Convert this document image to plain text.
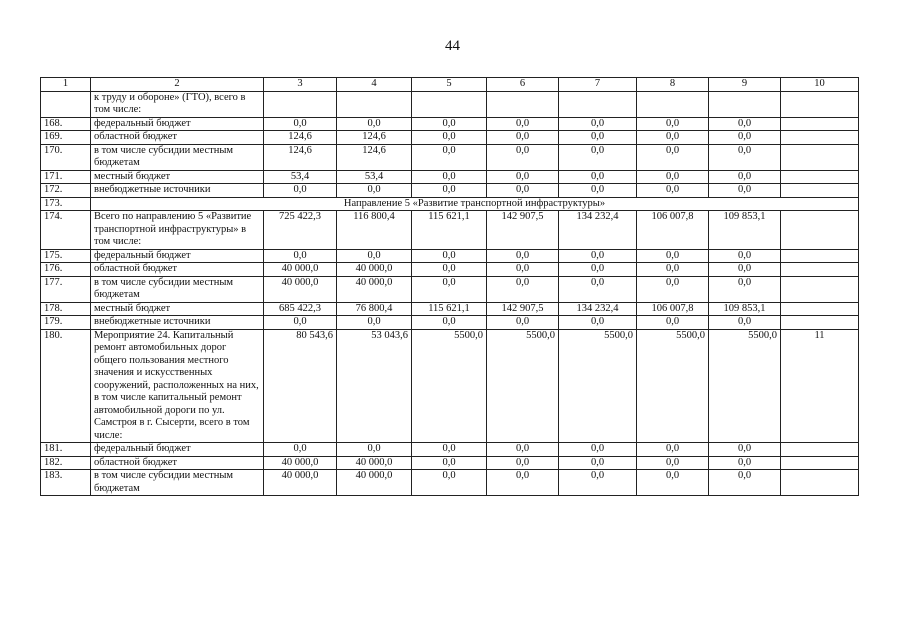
44
1	2	3	4	5	6	7	8	9	10
	к труду и обороне» (ГТО), всего в том числе:								
168.	федеральный бюджет	0,0	0,0	0,0	0,0	0,0	0,0	0,0	
169.	областной бюджет	124,6	124,6	0,0	0,0	0,0	0,0	0,0	
170.	в том числе субсидии местным бюджетам	124,6	124,6	0,0	0,0	0,0	0,0	0,0	
171.	местный бюджет	53,4	53,4	0,0	0,0	0,0	0,0	0,0	
172.	внебюджетные источники	0,0	0,0	0,0	0,0	0,0	0,0	0,0	
173.	Направление 5 «Развитие транспортной инфраструктуры»								
174.	Всего по направлению 5 «Развитие транспортной инфраструктуры» в том числе:	725 422,3	116 800,4	115 621,1	142 907,5	134 232,4	106 007,8	109 853,1	
175.	федеральный бюджет	0,0	0,0	0,0	0,0	0,0	0,0	0,0	
176.	областной бюджет	40 000,0	40 000,0	0,0	0,0	0,0	0,0	0,0	
177.	в том числе субсидии местным бюджетам	40 000,0	40 000,0	0,0	0,0	0,0	0,0	0,0	
178.	местный бюджет	685 422,3	76 800,4	115 621,1	142 907,5	134 232,4	106 007,8	109 853,1	
179.	внебюджетные источники	0,0	0,0	0,0	0,0	0,0	0,0	0,0	
180.	Мероприятие 24. Капитальный ремонт автомобильных дорог общего пользования местного значения и искусственных сооружений, расположенных на них, в том числе капитальный ремонт автомобильной дороги по ул. Самстроя в г. Сысерти, всего в том числе:	80 543,6	53 043,6	5500,0	5500,0	5500,0	5500,0	5500,0	11
181.	федеральный бюджет	0,0	0,0	0,0	0,0	0,0	0,0	0,0	
182.	областной бюджет	40 000,0	40 000,0	0,0	0,0	0,0	0,0	0,0	
183.	в том числе субсидии местным бюджетам	40 000,0	40 000,0	0,0	0,0	0,0	0,0	0,0	
